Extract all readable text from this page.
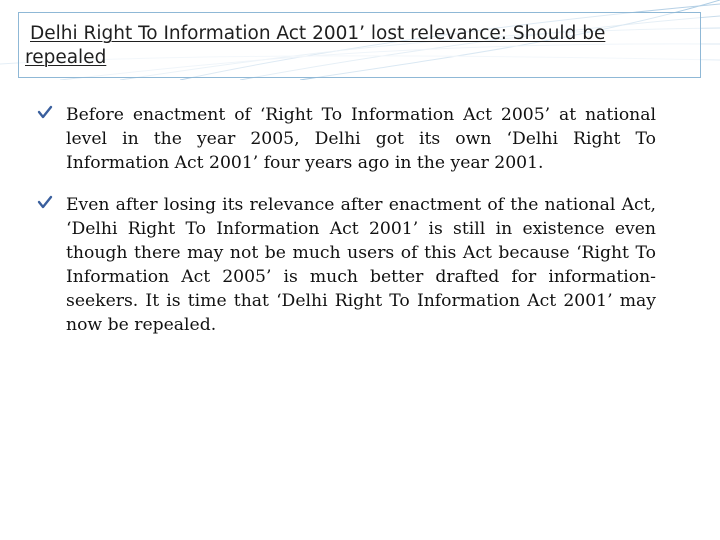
Delhi Right To Information Act 2001’ lost relevance: Should be repealed

Before enactment of ‘Right To Information Act 2005’ at national level in the year 2005, Delhi got its own ‘Delhi Right To Information Act 2001’ four years ago in the year 2001.

Even after losing its relevance after enactment of the national Act, ‘Delhi Right To Information Act 2001’ is still in existence even though there may not be much users of this Act because ‘Right To Information Act 2005’ is much better drafted for information-seekers. It is time that ‘Delhi Right To Information Act 2001’ may now be repealed.
